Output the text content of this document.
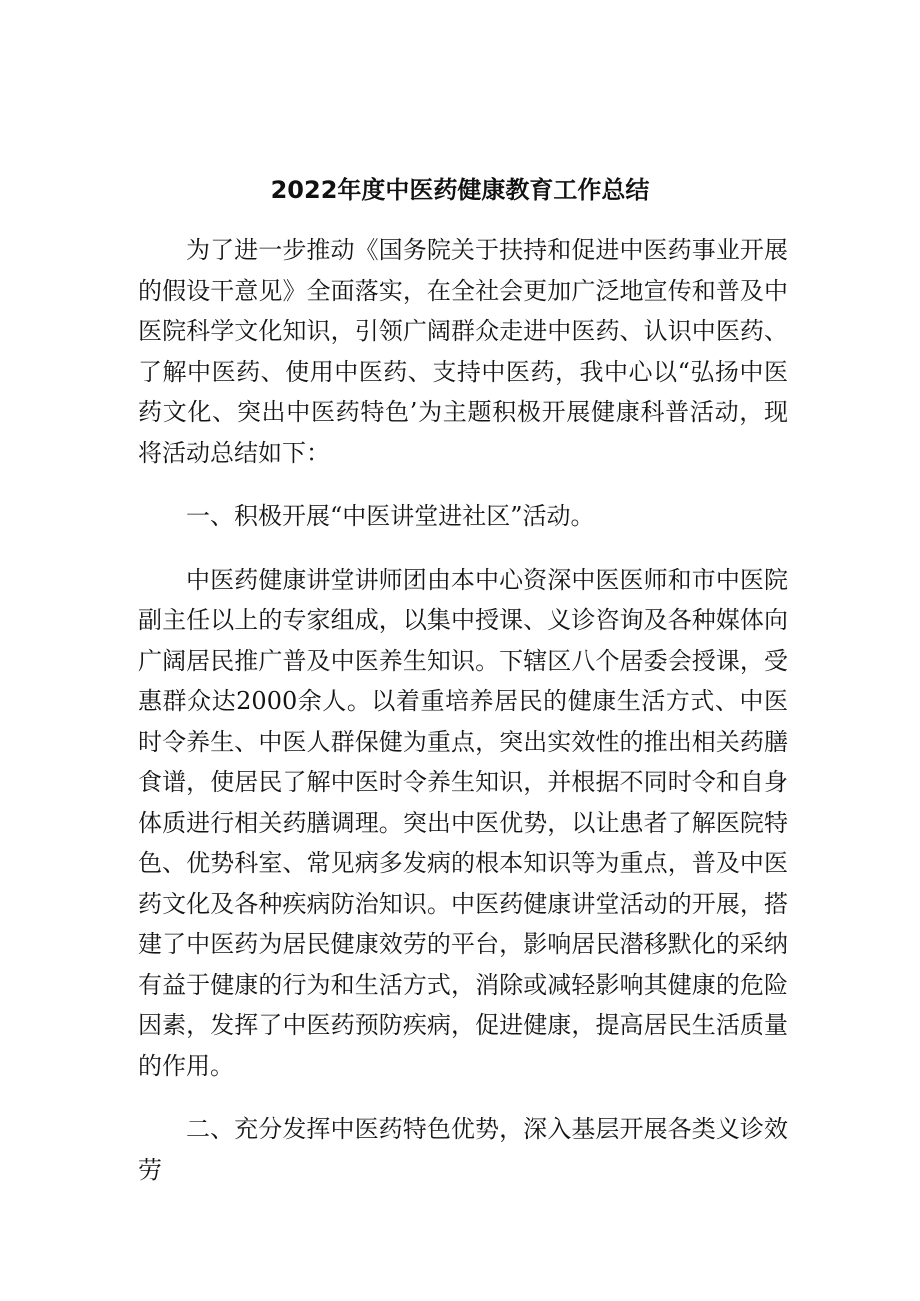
2022年度中医药健康教育工作总结

为了进一步推动《国务院关于扶持和促进中医药事业开展的假设干意见》全面落实，在全社会更加广泛地宣传和普及中医院科学文化知识，引领广阔群众走进中医药、认识中医药、了解中医药、使用中医药、支持中医药，我中心以“弘扬中医药文化、突出中医药特色’为主题积极开展健康科普活动，现将活动总结如下：

一、积极开展“中医讲堂进社区”活动。

中医药健康讲堂讲师团由本中心资深中医医师和市中医院副主任以上的专家组成，以集中授课、义诊咨询及各种媒体向广阔居民推广普及中医养生知识。下辖区八个居委会授课，受惠群众达2000余人。以着重培养居民的健康生活方式、中医时令养生、中医人群保健为重点，突出实效性的推出相关药膳食谱，使居民了解中医时令养生知识，并根据不同时令和自身体质进行相关药膳调理。突出中医优势，以让患者了解医院特色、优势科室、常见病多发病的根本知识等为重点，普及中医药文化及各种疾病防治知识。中医药健康讲堂活动的开展，搭建了中医药为居民健康效劳的平台，影响居民潜移默化的采纳有益于健康的行为和生活方式，消除或减轻影响其健康的危险因素，发挥了中医药预防疾病，促进健康，提高居民生活质量的作用。

二、充分发挥中医药特色优势，深入基层开展各类义诊效劳
